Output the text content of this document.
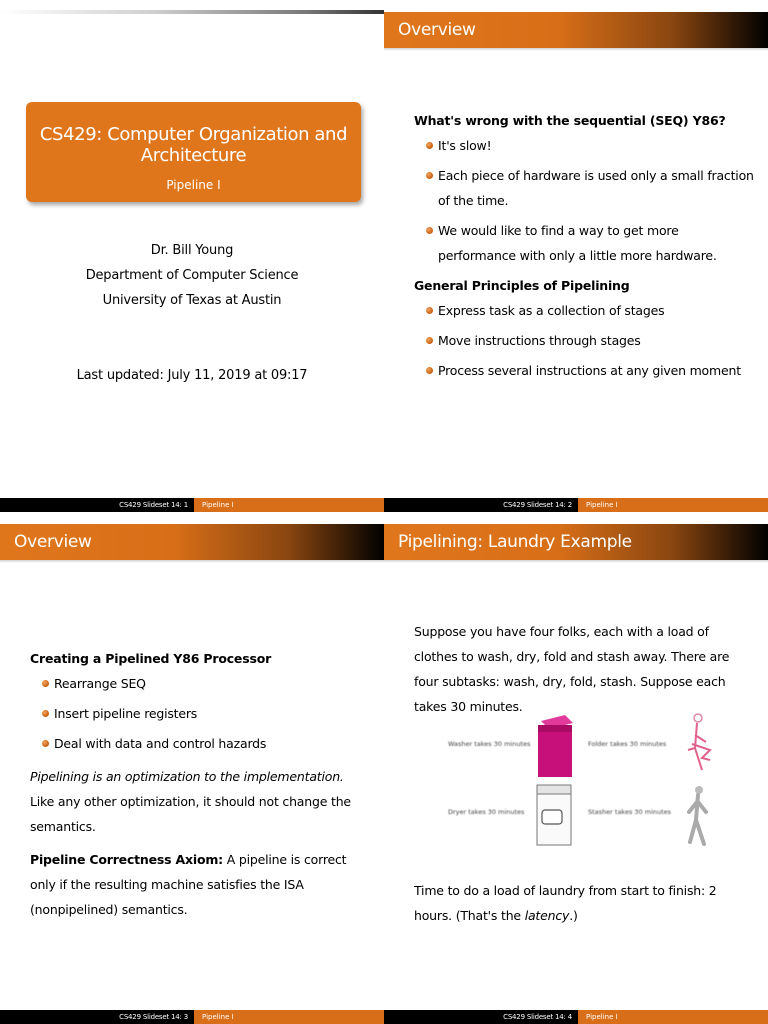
CS429: Computer Organization and Architecture
Pipeline I
Dr. Bill Young
Department of Computer Science
University of Texas at Austin
Last updated: July 11, 2019 at 09:17
CS429 Slideset 14: 1	Pipeline I
Overview
What's wrong with the sequential (SEQ) Y86?
It's slow!
Each piece of hardware is used only a small fraction of the time.
We would like to find a way to get more performance with only a little more hardware.
General Principles of Pipelining
Express task as a collection of stages
Move instructions through stages
Process several instructions at any given moment
CS429 Slideset 14: 2	Pipeline I
Overview
Creating a Pipelined Y86 Processor
Rearrange SEQ
Insert pipeline registers
Deal with data and control hazards
Pipelining is an optimization to the implementation. Like any other optimization, it should not change the semantics.
Pipeline Correctness Axiom: A pipeline is correct only if the resulting machine satisfies the ISA (nonpipelined) semantics.
CS429 Slideset 14: 3	Pipeline I
Pipelining: Laundry Example
Suppose you have four folks, each with a load of clothes to wash, dry, fold and stash away. There are four subtasks: wash, dry, fold, stash. Suppose each takes 30 minutes.
Washer takes 30 minutes	Folder takes 30 minutes
Dryer takes 30 minutes	Stasher takes 30 minutes
Time to do a load of laundry from start to finish: 2 hours. (That's the latency.)
CS429 Slideset 14: 4	Pipeline I
